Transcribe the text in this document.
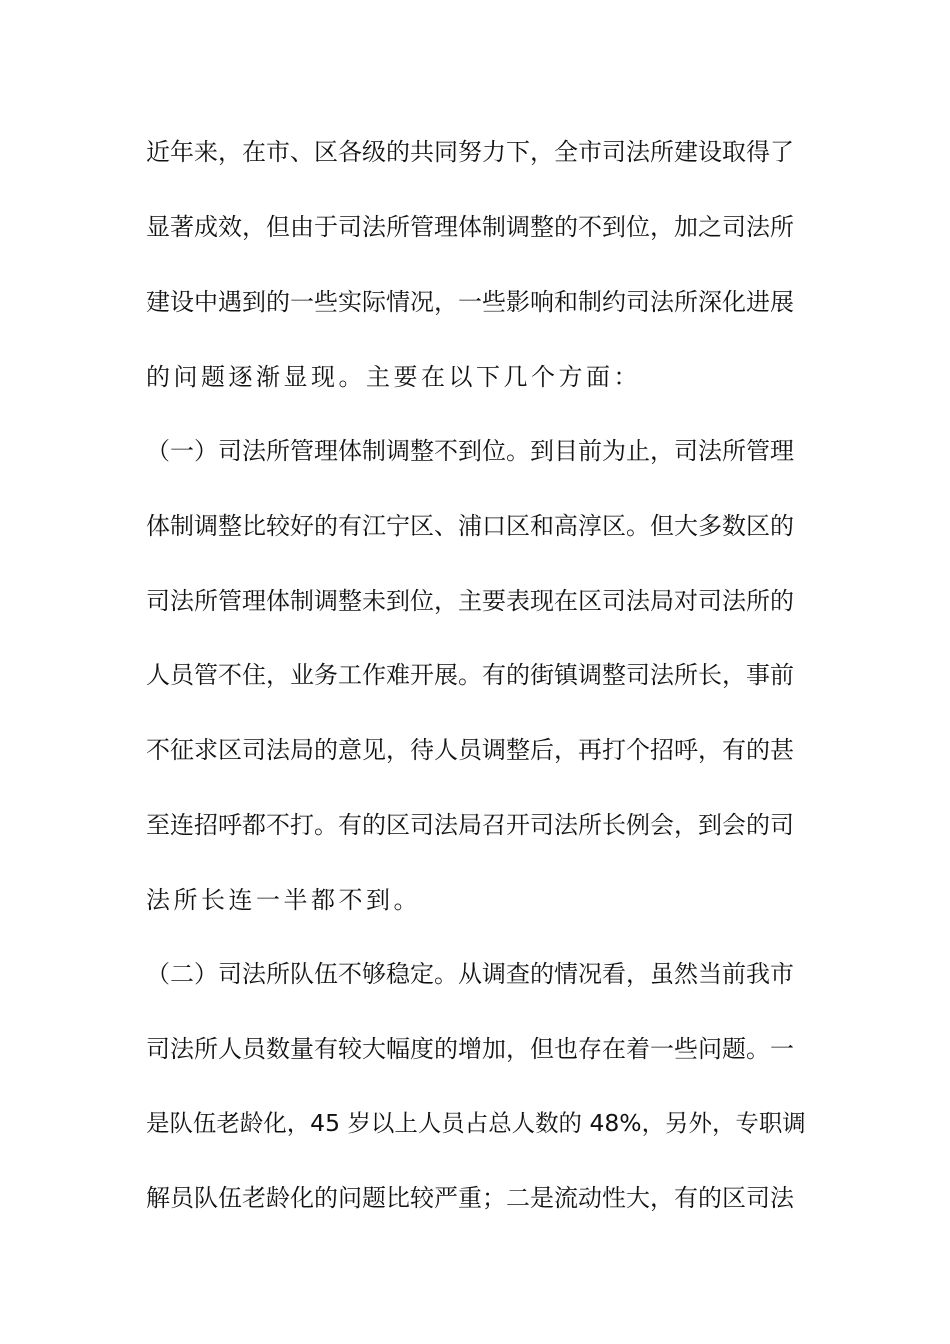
近年来，在市、区各级的共同努力下，全市司法所建设取得了
显著成效，但由于司法所管理体制调整的不到位，加之司法所
建设中遇到的一些实际情况，一些影响和制约司法所深化进展
的问题逐渐显现。主要在以下几个方面：
（一）司法所管理体制调整不到位。到目前为止，司法所管理
体制调整比较好的有江宁区、浦口区和高淳区。但大多数区的
司法所管理体制调整未到位，主要表现在区司法局对司法所的
人员管不住，业务工作难开展。有的街镇调整司法所长，事前
不征求区司法局的意见，待人员调整后，再打个招呼，有的甚
至连招呼都不打。有的区司法局召开司法所长例会，到会的司
法所长连一半都不到。
（二）司法所队伍不够稳定。从调查的情况看，虽然当前我市
司法所人员数量有较大幅度的增加，但也存在着一些问题。一
是队伍老龄化，45 岁以上人员占总人数的 48%，另外，专职调
解员队伍老龄化的问题比较严重；二是流动性大，有的区司法
